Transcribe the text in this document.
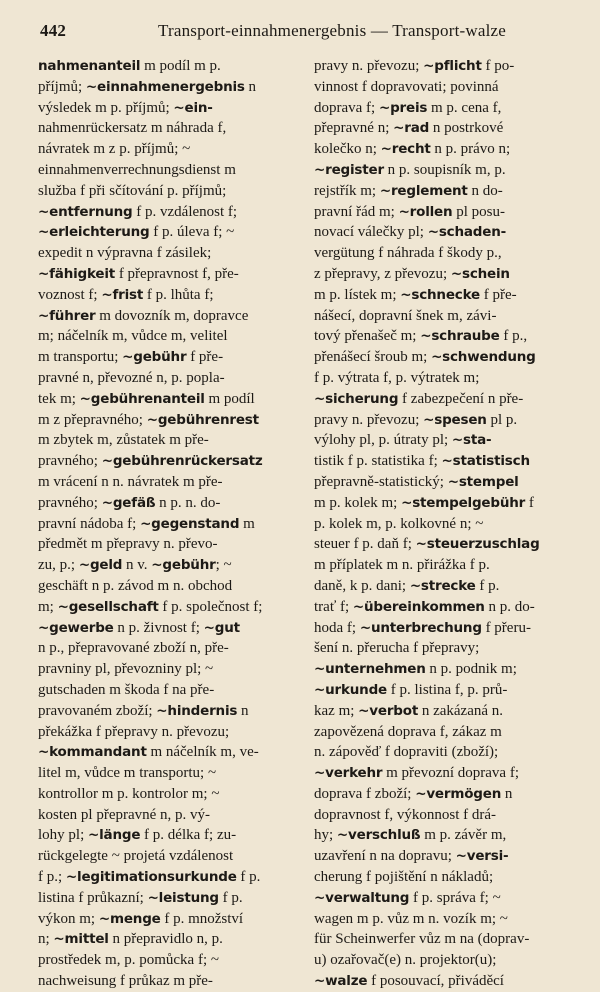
442	Transport-einnahmenergebnis — Transport-walze
nahmenanteil m podíl m p.
příjmů; ~einnahmenergebnis n
výsledek m p. příjmů; ~ein-
nahmenrückersatz m náhrada f,
návratek m z p. příjmů; ~
einnahmenverrechnungsdienst m
služba f při sčítování p. příjmů;
~entfernung f p. vzdálenost f;
~erleichterung f p. úleva f; ~
expedit n výpravna f zásilek;
~fähigkeit f přepravnost f, pře-
voznost f; ~frist f p. lhůta f;
~führer m dovozník m, dopravce
m; náčelník m, vůdce m, velitel
m transportu; ~gebühr f pře-
pravné n, převozné n, p. popla-
tek m; ~gebührenanteil m podíl
m z přepravného; ~gebührenrest
m zbytek m, zůstatek m pře-
pravného; ~gebührenrückersatz
m vrácení n n. návratek m pře-
pravného; ~gefäß n p. n. do-
pravní nádoba f; ~gegenstand m
předmět m přepravy n. převo-
zu, p.; ~geld n v. ~gebühr; ~
geschäft n p. závod m n. obchod
m; ~gesellschaft f p. společnost f;
~gewerbe n p. živnost f; ~gut
n p., přepravované zboží n, pře-
pravniny pl, převozniny pl; ~
gutschaden m škoda f na pře-
pravovaném zboží; ~hindernis n
překážka f přepravy n. převozu;
~kommandant m náčelník m, ve-
litel m, vůdce m transportu; ~
kontrollor m p. kontrolor m; ~
kosten pl přepravné n, p. vý-
lohy pl; ~länge f p. délka f; zu-
rückgelegte ~ projetá vzdálenost
f p.; ~legitimationsurkunde f p.
listina f průkazní; ~leistung f p.
výkon m; ~menge f p. množství
n; ~mittel n přepravidlo n, p.
prostředek m, p. pomůcka f; ~
nachweisung f průkaz m pře-
pravy n. převozu; ~pflicht f po-
vinnost f dopravovati; povinná
doprava f; ~preis m p. cena f,
přepravné n; ~rad n postrkové
kolečko n; ~recht n p. právo n;
~register n p. soupisník m, p.
rejstřík m; ~reglement n do-
pravní řád m; ~rollen pl posu-
novací válečky pl; ~schaden-
vergütung f náhrada f škody p.,
z přepravy, z převozu; ~schein
m p. lístek m; ~schnecke f pře-
nášecí, dopravní šnek m, závi-
tový přenašeč m; ~schraube f p.,
přenášecí šroub m; ~schwendung
f p. výtrata f, p. výtratek m;
~sicherung f zabezpečení n pře-
pravy n. převozu; ~spesen pl p.
výlohy pl, p. útraty pl; ~sta-
tistik f p. statistika f; ~statistisch
přepravně-statistický; ~stempel
m p. kolek m; ~stempelgebühr f
p. kolek m, p. kolkovné n; ~
steuer f p. daň f; ~steuerzuschlag
m příplatek m n. přirážka f p.
daně, k p. dani; ~strecke f p.
trať f; ~übereinkommen n p. do-
hoda f; ~unterbrechung f přeru-
šení n. přerucha f přepravy;
~unternehmen n p. podnik m;
~urkunde f p. listina f, p. prů-
kaz m; ~verbot n zakázaná n.
zapovězená doprava f, zákaz m
n. zápověď f dopraviti (zboží);
~verkehr m převozní doprava f;
doprava f zboží; ~vermögen n
dopravnost f, výkonnost f drá-
hy; ~verschluß m p. závěr m,
uzavření n na dopravu; ~versi-
cherung f pojištění n nákladů;
~verwaltung f p. správa f; ~
wagen m p. vůz m n. vozík m; ~
für Scheinwerfer vůz m na (doprav-
u) ozařovač(e) n. projektor(u);
~walze f posouvací, přiváděcí
